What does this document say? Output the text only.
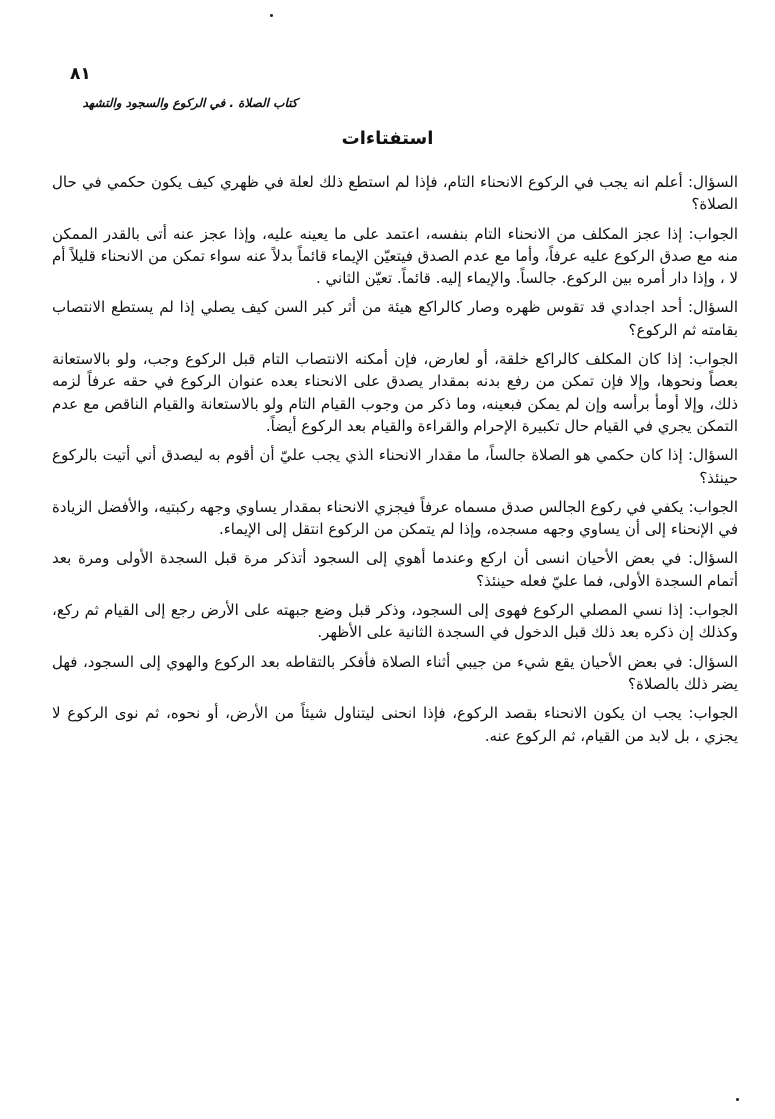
٨١
كتاب الصلاة . في الركوع والسجود والتشهد
استفتاءات

السؤال: أعلم انه يجب في الركوع الانحناء التام، فإذا لم استطع ذلك لعلة في ظهري كيف يكون حكمي في حال الصلاة؟

الجواب: إذا عجز المكلف من الانحناء التام بنفسه، اعتمد على ما يعينه عليه، وإذا عجز عنه أتى بالقدر الممكن منه مع صدق الركوع عليه عرفاً، وأما مع عدم الصدق فيتعيّن الإيماء قائماً بدلاً عنه سواء تمكن من الانحناء قليلاً أم لا ، وإذا دار أمره بين الركوع. جالساً. والإيماء إليه. قائماً. تعيّن الثاني .

السؤال: أحد اجدادي قد تقوس ظهره وصار كالراكع هيئة من أثر كبر السن كيف يصلي إذا لم يستطع الانتصاب بقامته ثم الركوع؟

الجواب: إذا كان المكلف كالراكع خلقة، أو لعارض، فإن أمكنه الانتصاب التام قبل الركوع وجب، ولو بالاستعانة بعصاً ونحوها، وإلا فإن تمكن من رفع بدنه بمقدار يصدق على الانحناء بعده عنوان الركوع في حقه عرفاً لزمه ذلك، وإلا أومأ برأسه وإن لم يمكن فبعينه، وما ذكر من وجوب القيام التام ولو بالاستعانة والقيام الناقص مع عدم التمكن يجري في القيام حال تكبيرة الإحرام والقراءة والقيام بعد الركوع أيضاً.

السؤال: إذا كان حكمي هو الصلاة جالساً، ما مقدار الانحناء الذي يجب عليّ أن أقوم به ليصدق أني أتيت بالركوع حينئذ؟

الجواب: يكفي في ركوع الجالس صدق مسماه عرفاً فيجزي الانحناء بمقدار يساوي وجهه ركبتيه، والأفضل الزيادة في الإنحناء إلى أن يساوي وجهه مسجده، وإذا لم يتمكن من الركوع انتقل إلى الإيماء.

السؤال: في بعض الأحيان انسى أن اركع وعندما أهوي إلى السجود أتذكر مرة قبل السجدة الأولى ومرة بعد أتمام السجدة الأولى، فما عليّ فعله حينئذ؟

الجواب: إذا نسي المصلي الركوع فهوى إلى السجود، وذكر قبل وضع جبهته على الأرض رجع إلى القيام ثم ركع، وكذلك إن ذكره بعد ذلك قبل الدخول في السجدة الثانية على الأظهر.

السؤال: في بعض الأحيان يقع شيء من جيبي أثناء الصلاة فأفكر بالتقاطه بعد الركوع والهوي إلى السجود، فهل يضر ذلك بالصلاة؟

الجواب: يجب ان يكون الانحناء بقصد الركوع، فإذا انحنى ليتناول شيئاً من الأرض، أو نحوه، ثم نوى الركوع لا يجزي ، بل لابد من القيام، ثم الركوع عنه.
